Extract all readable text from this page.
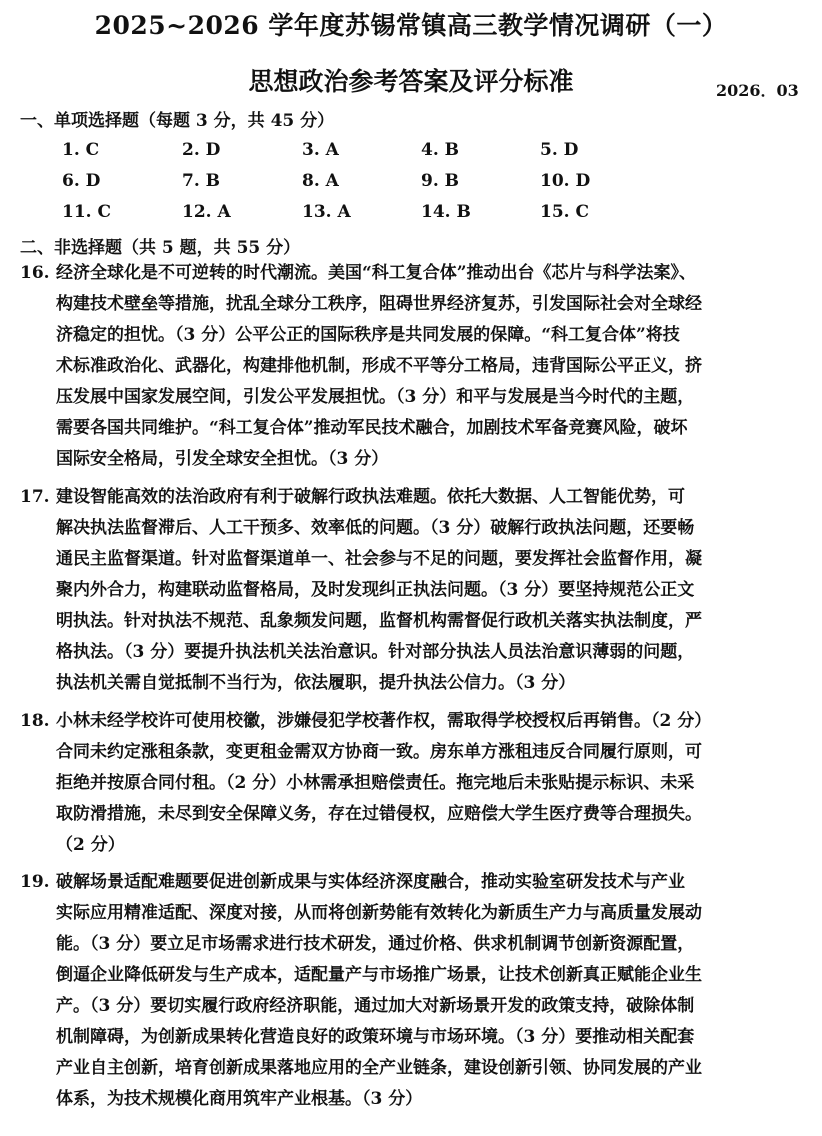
2025~2026 学年度苏锡常镇高三教学情况调研（一）
思想政治参考答案及评分标准	2026．03
一、单项选择题（每题 3 分，共 45 分）
1. C	2. D	3. A	4. B	5. D
6. D	7. B	8. A	9. B	10. D
11. C	12. A	13. A	14. B	15. C
二、非选择题（共 5 题，共 55 分）
16. 经济全球化是不可逆转的时代潮流。美国“科工复合体”推动出台《芯片与科学法案》、
构建技术壁垒等措施，扰乱全球分工秩序，阻碍世界经济复苏，引发国际社会对全球经
济稳定的担忧。（3 分）公平公正的国际秩序是共同发展的保障。“科工复合体”将技
术标准政治化、武器化，构建排他机制，形成不平等分工格局，违背国际公平正义，挤
压发展中国家发展空间，引发公平发展担忧。（3 分）和平与发展是当今时代的主题，
需要各国共同维护。“科工复合体”推动军民技术融合，加剧技术军备竞赛风险，破坏
国际安全格局，引发全球安全担忧。（3 分）
17. 建设智能高效的法治政府有利于破解行政执法难题。依托大数据、人工智能优势，可
解决执法监督滞后、人工干预多、效率低的问题。（3 分）破解行政执法问题，还要畅
通民主监督渠道。针对监督渠道单一、社会参与不足的问题，要发挥社会监督作用，凝
聚内外合力，构建联动监督格局，及时发现纠正执法问题。（3 分）要坚持规范公正文
明执法。针对执法不规范、乱象频发问题，监督机构需督促行政机关落实执法制度，严
格执法。（3 分）要提升执法机关法治意识。针对部分执法人员法治意识薄弱的问题，
执法机关需自觉抵制不当行为，依法履职，提升执法公信力。（3 分）
18. 小林未经学校许可使用校徽，涉嫌侵犯学校著作权，需取得学校授权后再销售。（2 分）
合同未约定涨租条款，变更租金需双方协商一致。房东单方涨租违反合同履行原则，可
拒绝并按原合同付租。（2 分）小林需承担赔偿责任。拖完地后未张贴提示标识、未采
取防滑措施，未尽到安全保障义务，存在过错侵权，应赔偿大学生医疗费等合理损失。
（2 分）
19. 破解场景适配难题要促进创新成果与实体经济深度融合，推动实验室研发技术与产业
实际应用精准适配、深度对接，从而将创新势能有效转化为新质生产力与高质量发展动
能。（3 分）要立足市场需求进行技术研发，通过价格、供求机制调节创新资源配置，
倒逼企业降低研发与生产成本，适配量产与市场推广场景，让技术创新真正赋能企业生
产。（3 分）要切实履行政府经济职能，通过加大对新场景开发的政策支持，破除体制
机制障碍，为创新成果转化营造良好的政策环境与市场环境。（3 分）要推动相关配套
产业自主创新，培育创新成果落地应用的全产业链条，建设创新引领、协同发展的产业
体系，为技术规模化商用筑牢产业根基。（3 分）
